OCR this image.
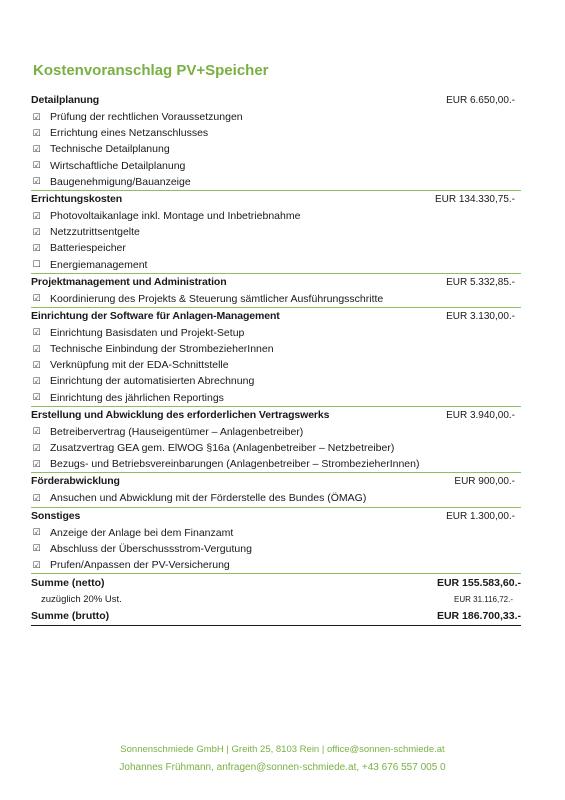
Kostenvoranschlag PV+Speicher
Detailplanung	EUR 6.650,00.-
☑
Prüfung der rechtlichen Voraussetzungen
☑
Errichtung eines Netzanschlusses
☑
Technische Detailplanung
☑
Wirtschaftliche Detailplanung
☑
Baugenehmigung/Bauanzeige
Errichtungskosten	EUR 134.330,75.-
☑
Photovoltaikanlage inkl. Montage und Inbetriebnahme
☑
Netzzutrittsentgelte
☑
Batteriespeicher
☐
Energiemanagement
Projektmanagement und Administration	EUR 5.332,85.-
☑
Koordinierung des Projekts & Steuerung sämtlicher Ausführungsschritte
Einrichtung der Software für Anlagen-Management	EUR 3.130,00.-
☑
Einrichtung Basisdaten und Projekt-Setup
☑
Technische Einbindung der StrombezieherInnen
☑
Verknüpfung mit der EDA-Schnittstelle
☑
Einrichtung der automatisierten Abrechnung
☑
Einrichtung des jährlichen Reportings
Erstellung und Abwicklung des erforderlichen Vertragswerks	EUR 3.940,00.-
☑
Betreibervertrag (Hauseigentümer – Anlagenbetreiber)
☑
Zusatzvertrag GEA gem. ElWOG §16a (Anlagenbetreiber – Netzbetreiber)
☑
Bezugs- und Betriebsvereinbarungen (Anlagenbetreiber – StrombezieherInnen)
Förderabwicklung	EUR 900,00.-
☑
Ansuchen und Abwicklung mit der Förderstelle des Bundes (ÖMAG)
Sonstiges	EUR 1.300,00.-
☑
Anzeige der Anlage bei dem Finanzamt
☑
Abschluss der Überschussstrom-Vergutung
☑
Prufen/Anpassen der PV-Versicherung
Summe (netto)	EUR 155.583,60.-
zuzüglich 20% Ust.	EUR 31.116,72.-
Summe (brutto)	EUR 186.700,33.-
Sonnenschmiede GmbH | Greith 25, 8103 Rein | office@sonnen-schmiede.at
Johannes Frühmann, anfragen@sonnen-schmiede.at, +43 676 557 005 0
